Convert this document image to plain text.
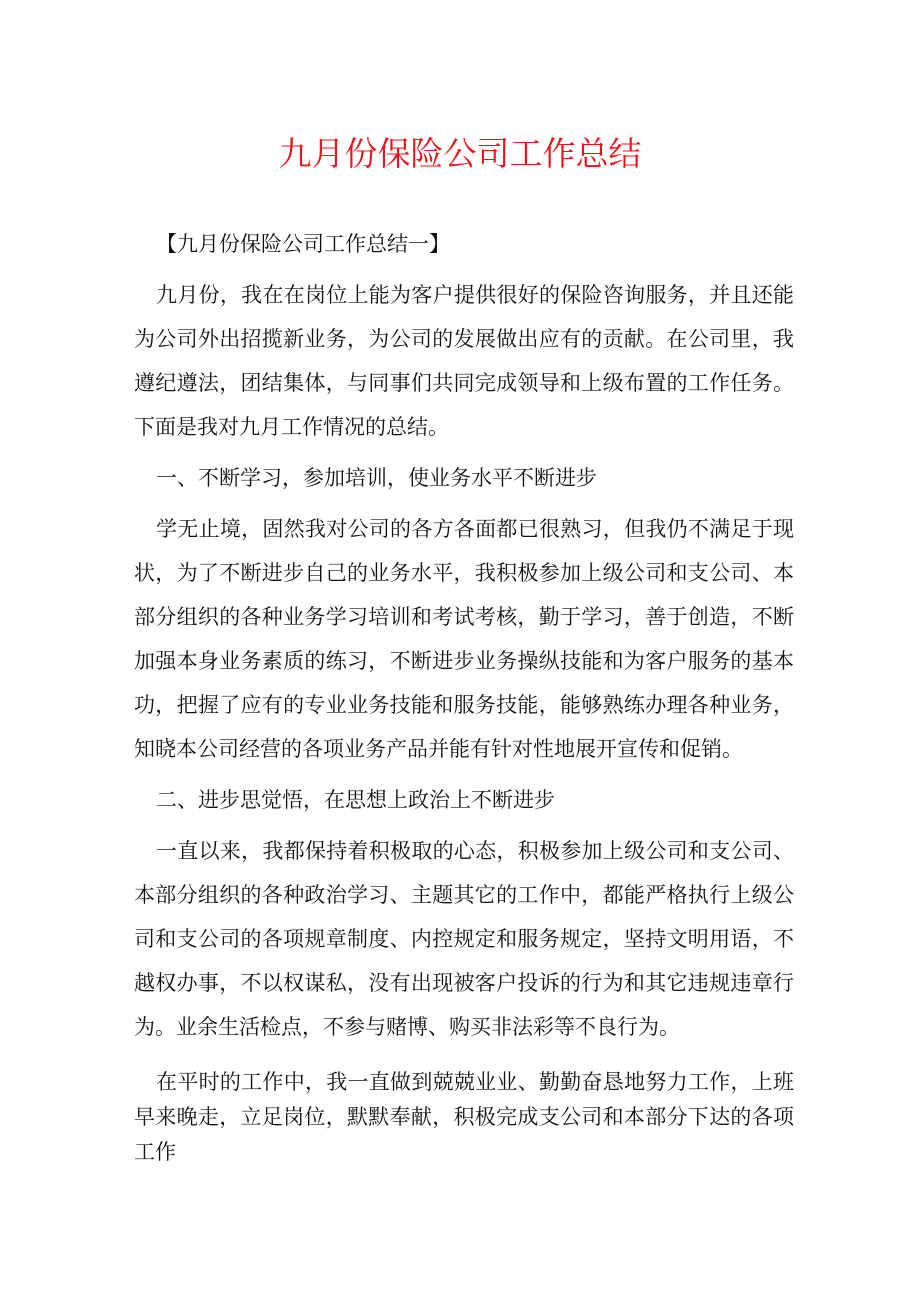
九月份保险公司工作总结

【九月份保险公司工作总结一】

九月份，我在在岗位上能为客户提供很好的保险咨询服务，并且还能为公司外出招揽新业务，为公司的发展做出应有的贡献。在公司里，我遵纪遵法，团结集体，与同事们共同完成领导和上级布置的工作任务。下面是我对九月工作情况的总结。

一、不断学习，参加培训，使业务水平不断进步

学无止境，固然我对公司的各方各面都已很熟习，但我仍不满足于现状，为了不断进步自己的业务水平，我积极参加上级公司和支公司、本部分组织的各种业务学习培训和考试考核，勤于学习，善于创造，不断加强本身业务素质的练习，不断进步业务操纵技能和为客户服务的基本功，把握了应有的专业业务技能和服务技能，能够熟练办理各种业务，知晓本公司经营的各项业务产品并能有针对性地展开宣传和促销。

二、进步思觉悟，在思想上政治上不断进步

一直以来，我都保持着积极取的心态，积极参加上级公司和支公司、本部分组织的各种政治学习、主题其它的工作中，都能严格执行上级公司和支公司的各项规章制度、内控规定和服务规定，坚持文明用语，不越权办事，不以权谋私，没有出现被客户投诉的行为和其它违规违章行为。业余生活检点，不参与赌博、购买非法彩等不良行为。

在平时的工作中，我一直做到兢兢业业、勤勤奋恳地努力工作，上班早来晚走，立足岗位，默默奉献，积极完成支公司和本部分下达的各项工作
